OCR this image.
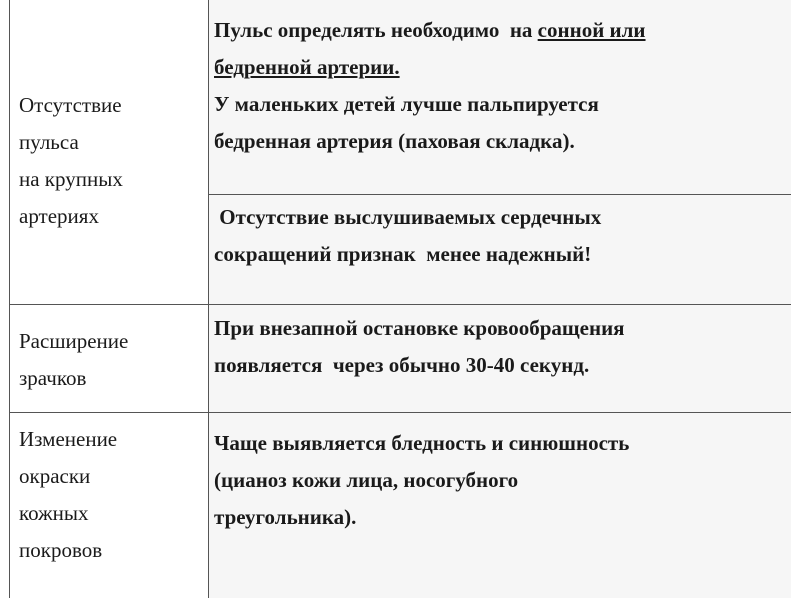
Отсутствие
пульса
на крупных
артериях
Пульс определять необходимо  на сонной или
бедренной артерии.
У маленьких детей лучше пальпируется
бедренная артерия (паховая складка).
Отсутствие выслушиваемых сердечных
сокращений признак  менее надежный!
Расширение
зрачков
При внезапной остановке кровообращения
появляется  через обычно 30-40 секунд.
Изменение
окраски
кожных
покровов
Чаще выявляется бледность и синюшность
(цианоз кожи лица, носогубного
треугольника).
